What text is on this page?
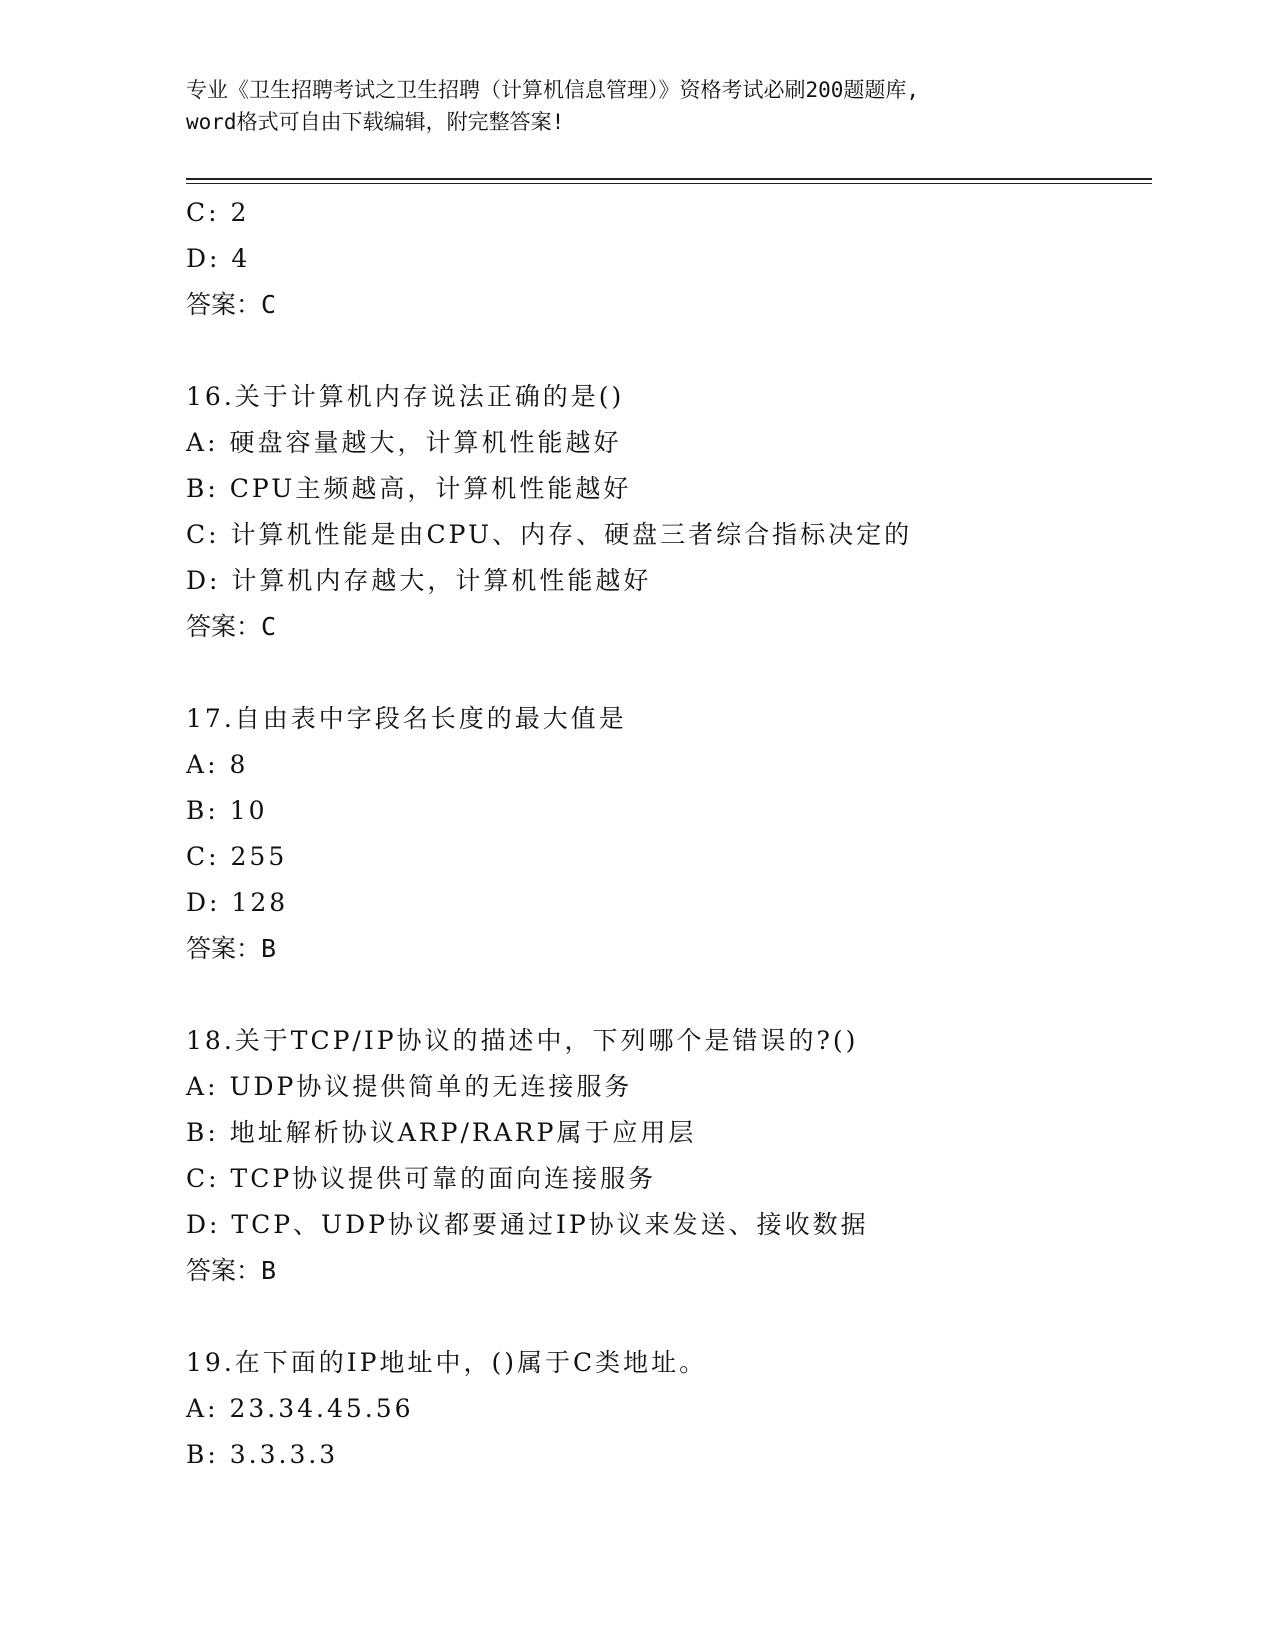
专业《卫生招聘考试之卫生招聘（计算机信息管理）》资格考试必刷200题题库,
word格式可自由下载编辑，附完整答案!
C: 2
D: 4
答案：C
16.关于计算机内存说法正确的是()
A: 硬盘容量越大，计算机性能越好
B: CPU主频越高，计算机性能越好
C: 计算机性能是由CPU、内存、硬盘三者综合指标决定的
D: 计算机内存越大，计算机性能越好
答案：C
17.自由表中字段名长度的最大值是
A: 8
B: 10
C: 255
D: 128
答案：B
18.关于TCP/IP协议的描述中，下列哪个是错误的?()
A: UDP协议提供简单的无连接服务
B: 地址解析协议ARP/RARP属于应用层
C: TCP协议提供可靠的面向连接服务
D: TCP、UDP协议都要通过IP协议来发送、接收数据
答案：B
19.在下面的IP地址中，()属于C类地址。
A: 23.34.45.56
B: 3.3.3.3
